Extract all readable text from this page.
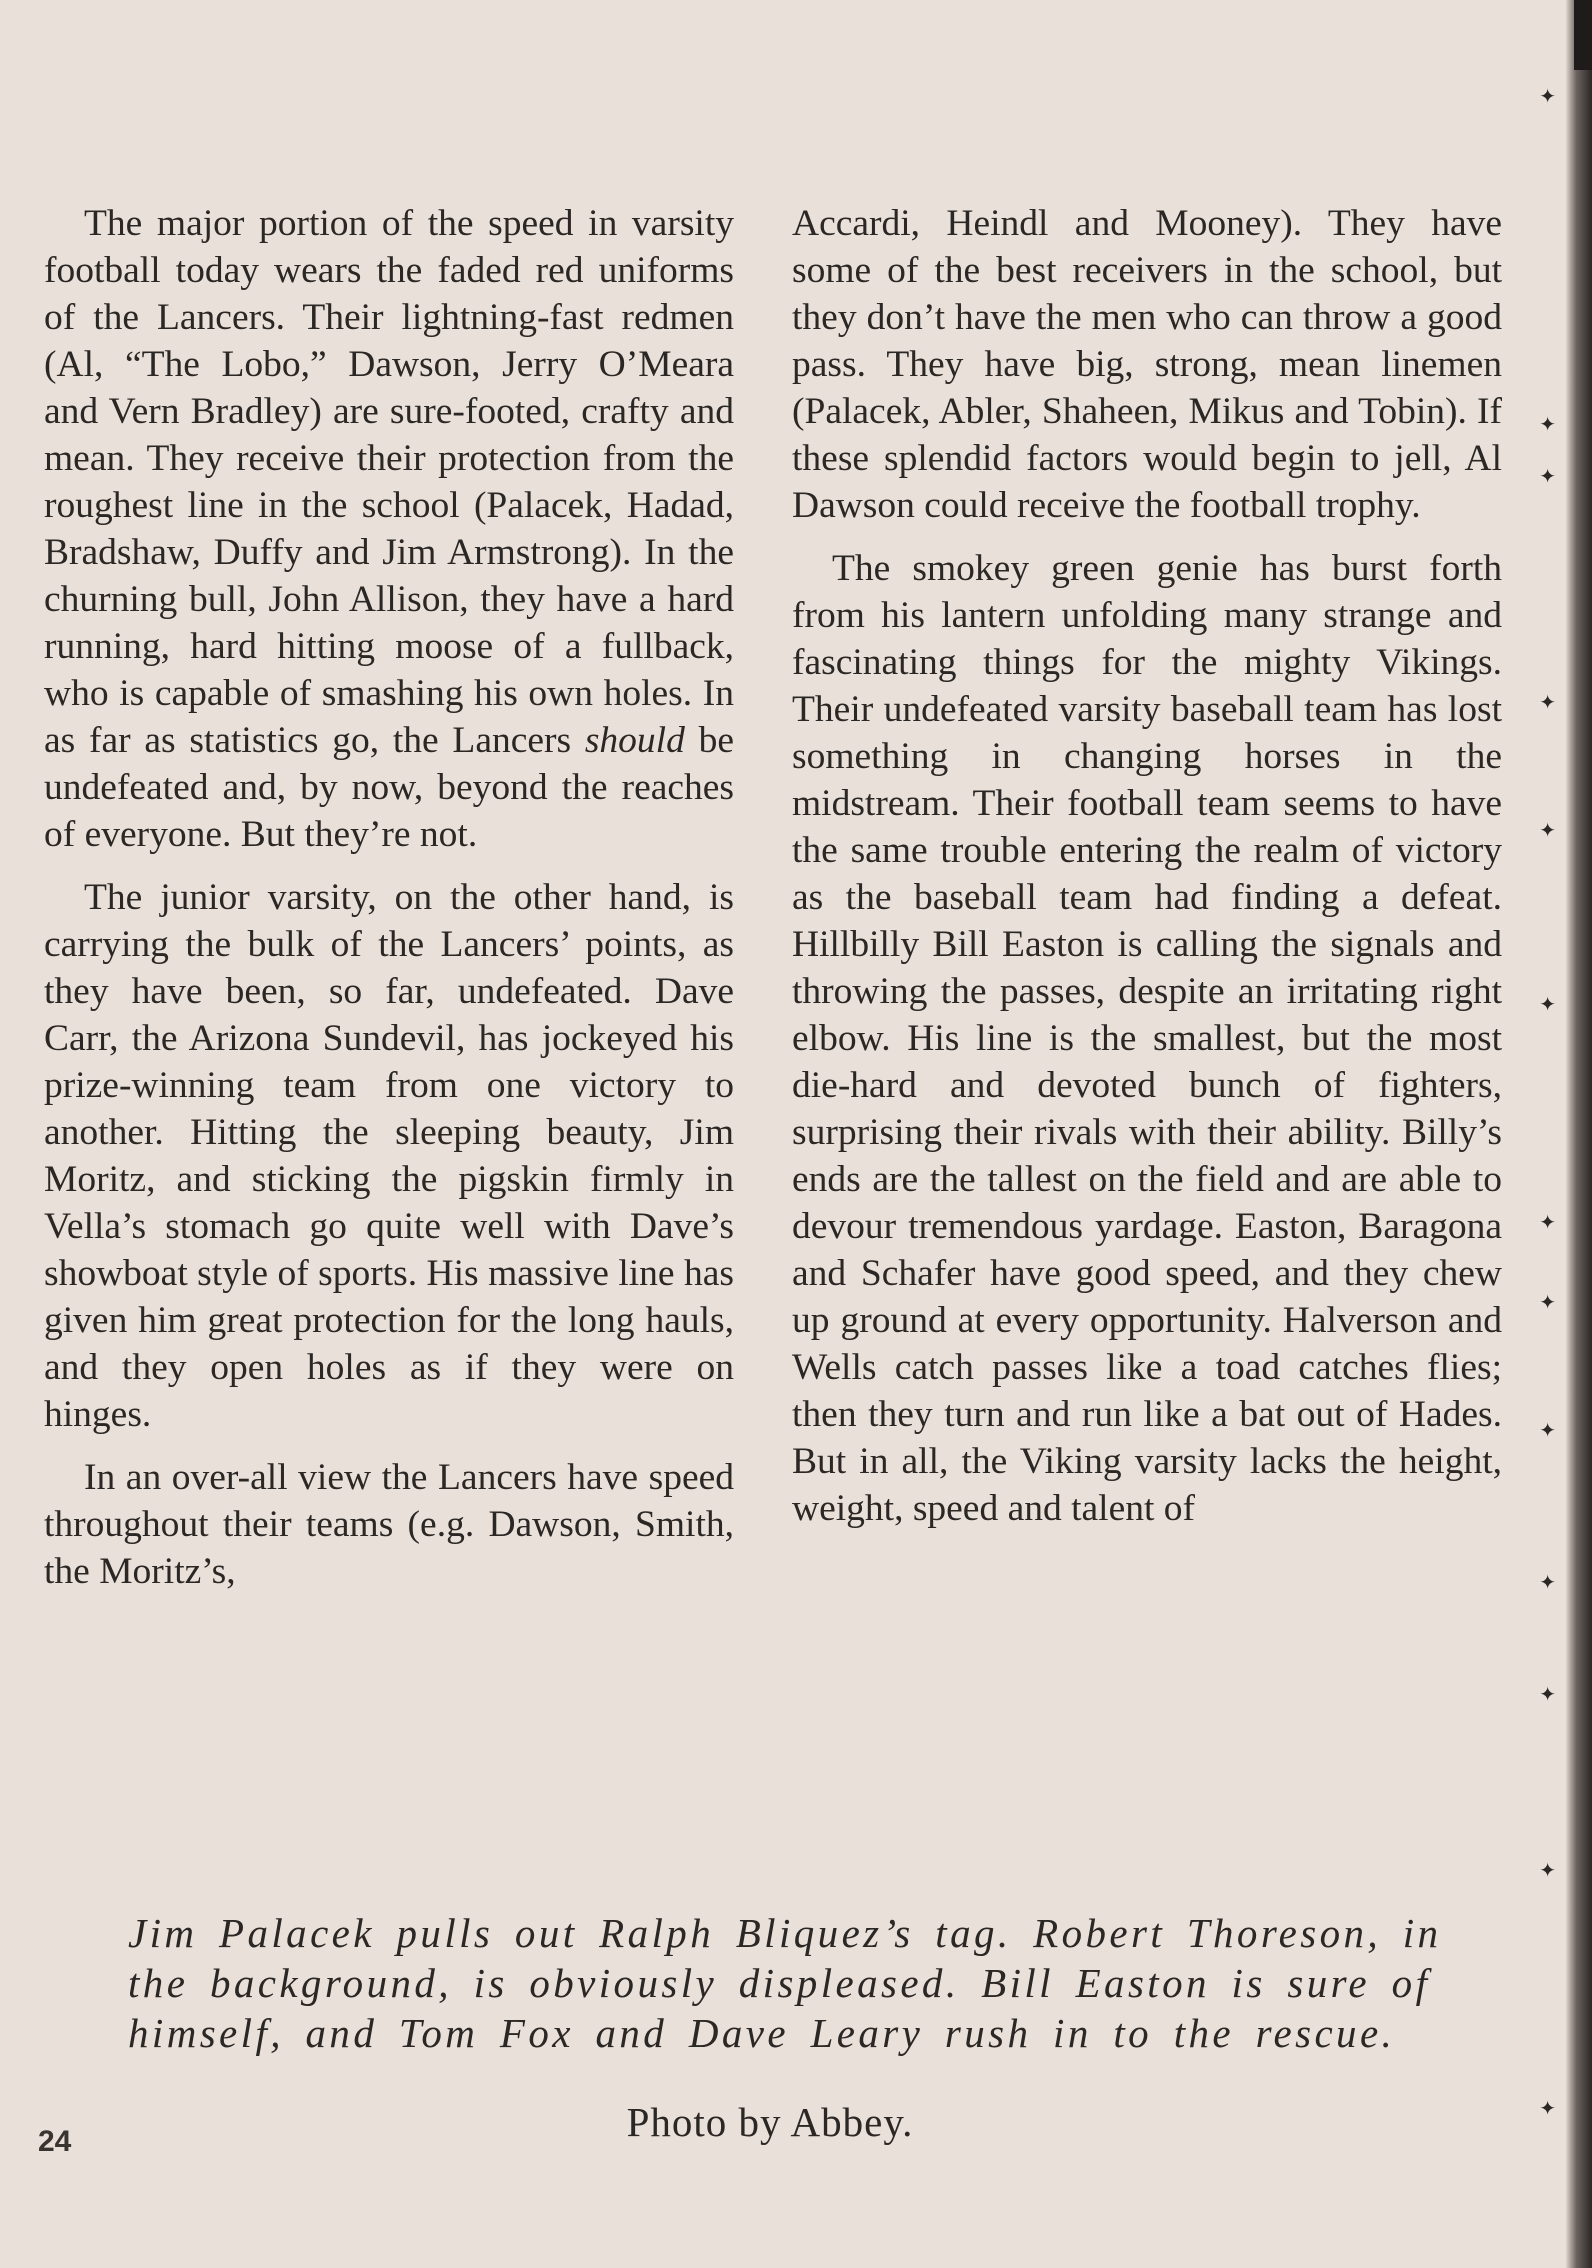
The major portion of the speed in varsity football today wears the faded red uniforms of the Lancers. Their lightning-fast redmen (Al, “The Lobo,” Dawson, Jerry O’Meara and Vern Bradley) are sure-footed, crafty and mean. They receive their protection from the roughest line in the school (Palacek, Hadad, Bradshaw, Duffy and Jim Armstrong). In the churning bull, John Allison, they have a hard running, hard hitting moose of a fullback, who is capable of smashing his own holes. In as far as statistics go, the Lancers should be undefeated and, by now, beyond the reaches of everyone. But they’re not.

The junior varsity, on the other hand, is carrying the bulk of the Lancers’ points, as they have been, so far, undefeated. Dave Carr, the Arizona Sundevil, has jockeyed his prize-winning team from one victory to another. Hitting the sleeping beauty, Jim Moritz, and sticking the pigskin firmly in Vella’s stomach go quite well with Dave’s showboat style of sports. His massive line has given him great protection for the long hauls, and they open holes as if they were on hinges.

In an over-all view the Lancers have speed throughout their teams (e.g. Dawson, Smith, the Moritz’s,

Accardi, Heindl and Mooney). They have some of the best receivers in the school, but they don’t have the men who can throw a good pass. They have big, strong, mean linemen (Palacek, Abler, Shaheen, Mikus and Tobin). If these splendid factors would begin to jell, Al Dawson could receive the football trophy.

The smokey green genie has burst forth from his lantern unfolding many strange and fascinating things for the mighty Vikings. Their undefeated varsity baseball team has lost something in changing horses in the midstream. Their football team seems to have the same trouble entering the realm of victory as the baseball team had finding a defeat. Hillbilly Bill Easton is calling the signals and throwing the passes, despite an irritating right elbow. His line is the smallest, but the most die-hard and devoted bunch of fighters, surprising their rivals with their ability. Billy’s ends are the tallest on the field and are able to devour tremendous yardage. Easton, Baragona and Schafer have good speed, and they chew up ground at every opportunity. Halverson and Wells catch passes like a toad catches flies; then they turn and run like a bat out of Hades. But in all, the Viking varsity lacks the height, weight, speed and talent of

Jim Palacek pulls out Ralph Bliquez’s tag. Robert Thoreson, in
the background, is obviously displeased. Bill Easton is sure of
himself, and Tom Fox and Dave Leary rush in to the rescue.
Photo by Abbey.
24
✦
✦
✦
✦
✦
✦
✦
✦
✦
✦
✦
✦
✦
